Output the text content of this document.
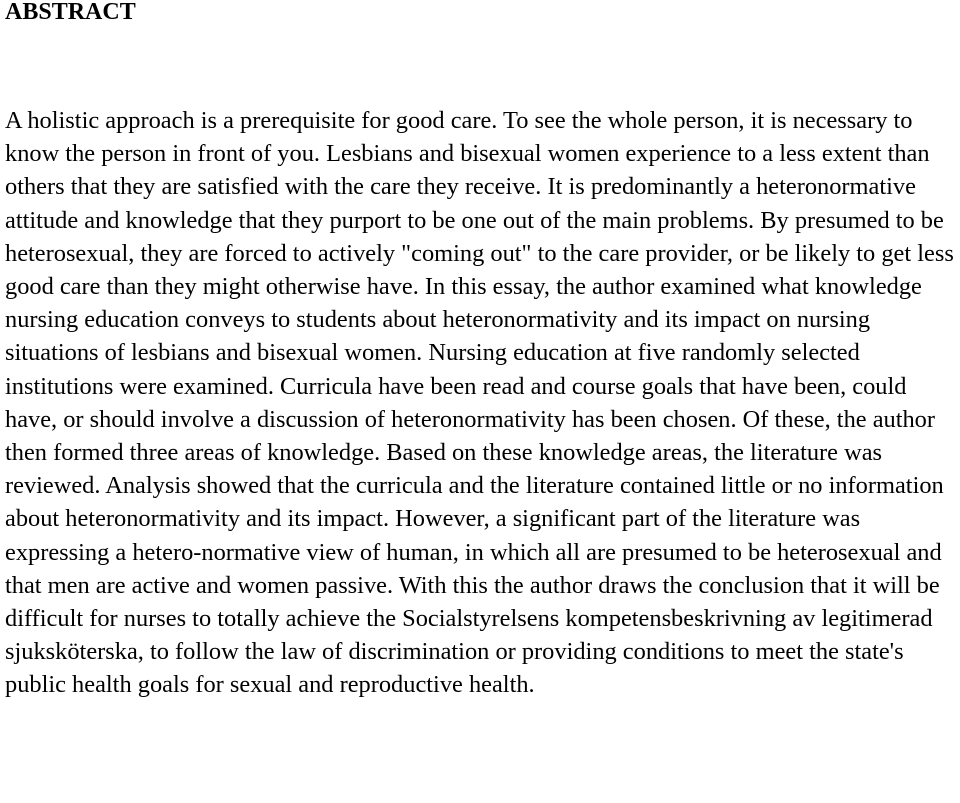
ABSTRACT

A holistic approach is a prerequisite for good care. To see the whole person, it is necessary to know the person in front of you. Lesbians and bisexual women experience to a less extent than others that they are satisfied with the care they receive. It is predominantly a heteronormative attitude and knowledge that they purport to be one out of the main problems. By presumed to be heterosexual, they are forced to actively "coming out" to the care provider, or be likely to get less good care than they might otherwise have. In this essay, the author examined what knowledge nursing education conveys to students about heteronormativity and its impact on nursing situations of lesbians and bisexual women. Nursing education at five randomly selected institutions were examined. Curricula have been read and course goals that have been, could have, or should involve a discussion of heteronormativity has been chosen. Of these, the author then formed three areas of knowledge. Based on these knowledge areas, the literature was reviewed. Analysis showed that the curricula and the literature contained little or no information about heteronormativity and its impact. However, a significant part of the literature was expressing a hetero-normative view of human, in which all are presumed to be heterosexual and that men are active and women passive. With this the author draws the conclusion that it will be difficult for nurses to totally achieve the Socialstyrelsens kompetensbeskrivning av legitimerad sjuksköterska, to follow the law of discrimination or providing conditions to meet the state's public health goals for sexual and reproductive health.
